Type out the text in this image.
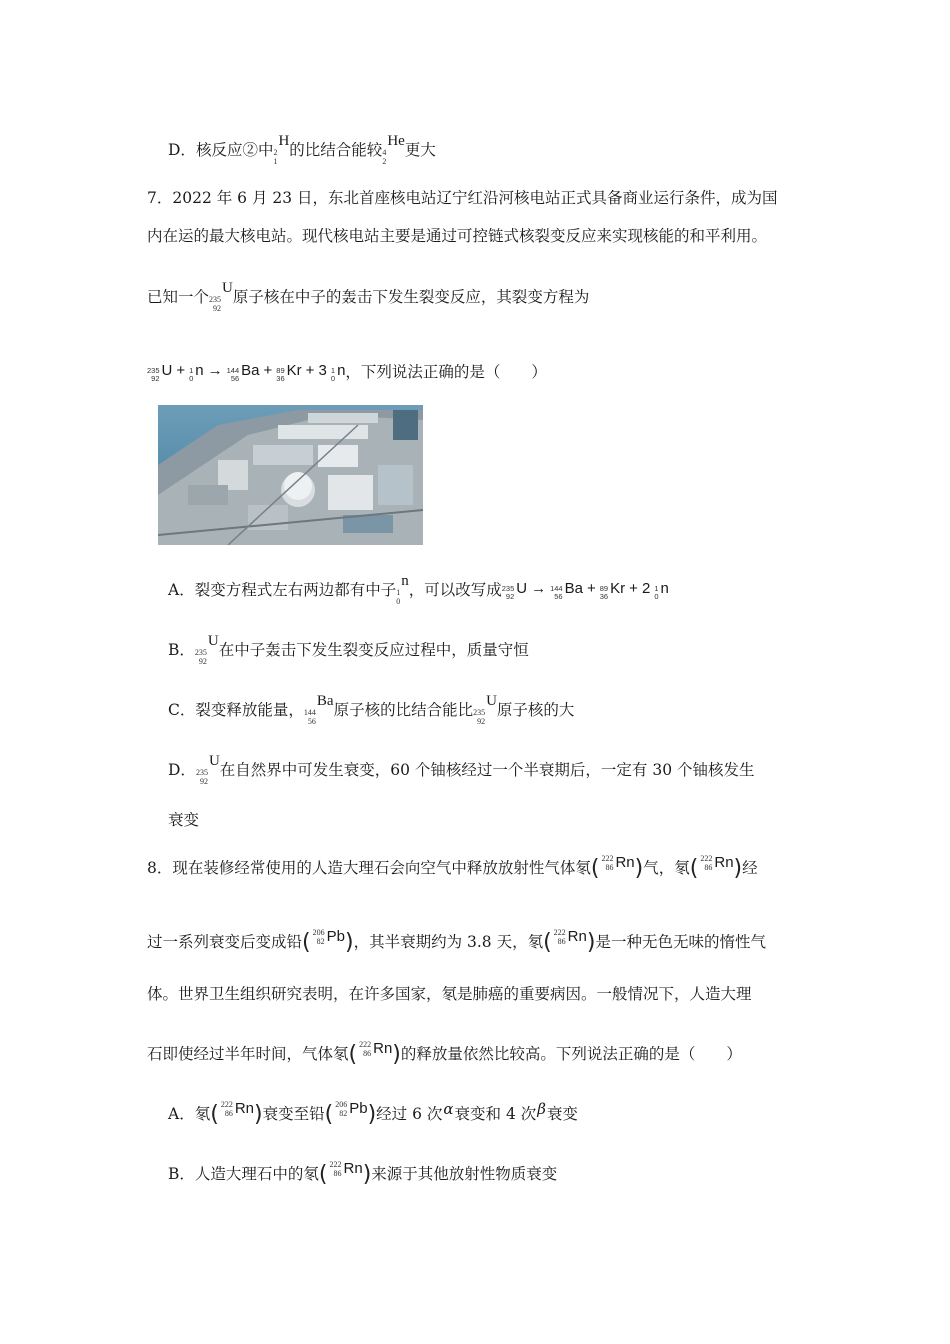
D．核反应②中 2
1
H的比结合能较 4
2
He更大
7．2022 年 6 月 23 日，东北首座核电站辽宁红沿河核电站正式具备商业运行条件，成为国
内在运的最大核电站。现代核电站主要是通过可控链式核裂变反应来实现核能的和平利用。
已知一个 235
92
U原子核在中子的轰击下发生裂变反应，其裂变方程为
235
92 U + 1
0 n → 144
56 Ba + 89
36 Kr + 3 1
0 n ，下列说法正确的是（　　）
A．裂变方程式左右两边都有中子 1
0
n，可以改写成 235
92 U → 144
56 Ba + 89
36 Kr + 2 1
0 n
B． 235
92
U在中子轰击下发生裂变反应过程中，质量守恒
C．裂变释放能量， 144
56
Ba原子核的比结合能比 235
92
U原子核的大
D． 235
92
U在自然界中可发生衰变，60 个铀核经过一个半衰期后，一定有 30 个铀核发生
衰变
8．现在装修经常使用的人造大理石会向空气中释放放射性气体氡( 222
86 Rn )气，氡( 222
86 Rn )经
过一系列衰变后变成铅( 206
82 Pb )，其半衰期约为 3.8 天，氡( 222
86 Rn )是一种无色无味的惰性气
体。世界卫生组织研究表明，在许多国家，氡是肺癌的重要病因。一般情况下，人造大理
石即使经过半年时间，气体氡( 222
86 Rn )的释放量依然比较高。下列说法正确的是（　　）
A．氡( 222
86 Rn )衰变至铅( 206
82 Pb )经过 6 次α衰变和 4 次β衰变
B．人造大理石中的氡( 222
86 Rn )来源于其他放射性物质衰变
